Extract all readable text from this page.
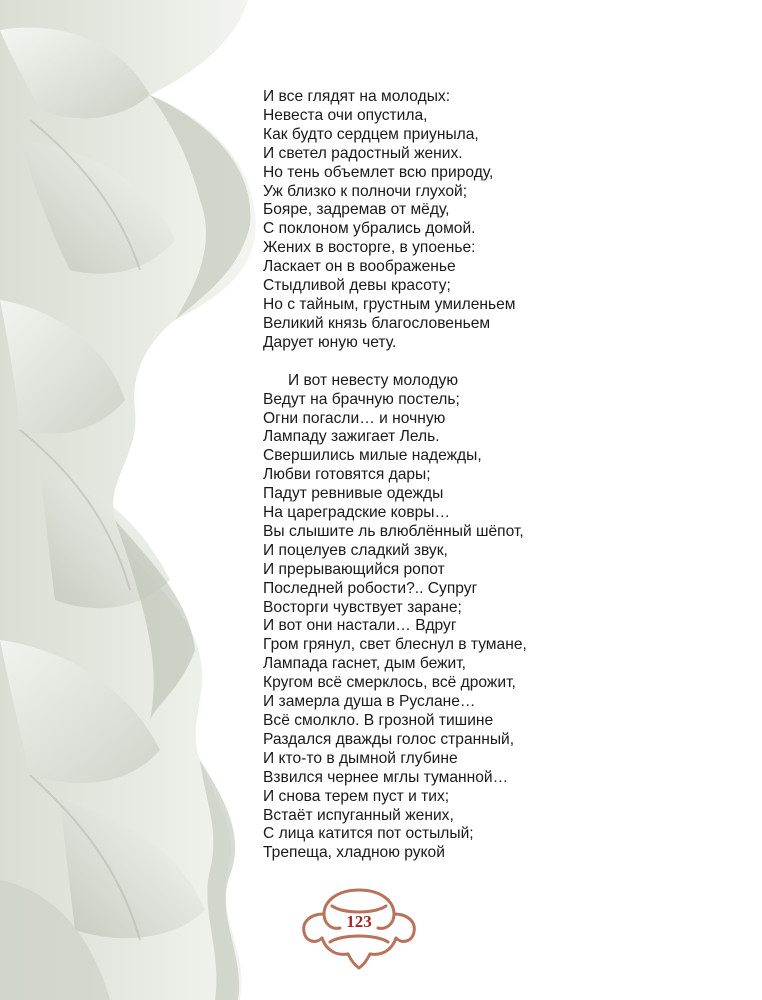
И все глядят на молодых:
Невеста очи опустила,
Как будто сердцем приуныла,
И светел радостный жених.
Но тень объемлет всю природу,
Уж близко к полночи глухой;
Бояре, задремав от мёду,
С поклоном убрались домой.
Жених в восторге, в упоенье:
Ласкает он в воображенье
Стыдливой девы красоту;
Но с тайным, грустным умиленьем
Великий князь благословеньем
Дарует юную чету.

И вот невесту молодую
Ведут на брачную постель;
Огни погасли… и ночную
Лампаду зажигает Лель.
Свершились милые надежды,
Любви готовятся дары;
Падут ревнивые одежды
На цареградские ковры…
Вы слышите ль влюблённый шёпот,
И поцелуев сладкий звук,
И прерывающийся ропот
Последней робости?.. Супруг
Восторги чувствует заране;
И вот они настали… Вдруг
Гром грянул, свет блеснул в тумане,
Лампада гаснет, дым бежит,
Кругом всё смерклось, всё дрожит,
И замерла душа в Руслане…
Всё смолкло. В грозной тишине
Раздался дважды голос странный,
И кто-то в дымной глубине
Взвился чернее мглы туманной…
И снова терем пуст и тих;
Встаёт испуганный жених,
С лица катится пот остылый;
Трепеща, хладною рукой

123
